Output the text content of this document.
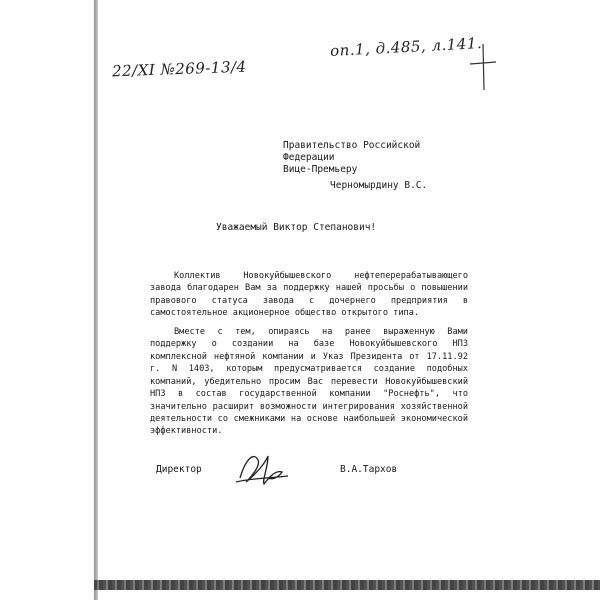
22/XI №269-13/4
оп.1, д.485, л.141.
Правительство Российской
Федерации
Вице-Премьеру
Черномырдину В.С.
Уважаемый Виктор Степанович!

Коллектив Новокуйбышевского нефтеперерабатывающего завода благодарен Вам за поддержку нашей просьбы о повышении правового статуса завода с дочернего предприятия в самостоятельное акционерное общество открытого типа.

Вместе с тем, опираясь на ранее выраженную Вами поддержку о создании на базе Новокуйбышевского НПЗ комплексной нефтяной компании и Указ Президента от 17.11.92 г. N 1403, которым предусматривается создание подобных компаний, убедительно просим Вас перевести Новокуйбышевский НПЗ в состав государственной компании "Роснефть", что значительно расширит возможности интегрирования хозяйственной деятельности со смежниками на основе наибольшей экономической эффективности.

Директор	В.А.Тархов
